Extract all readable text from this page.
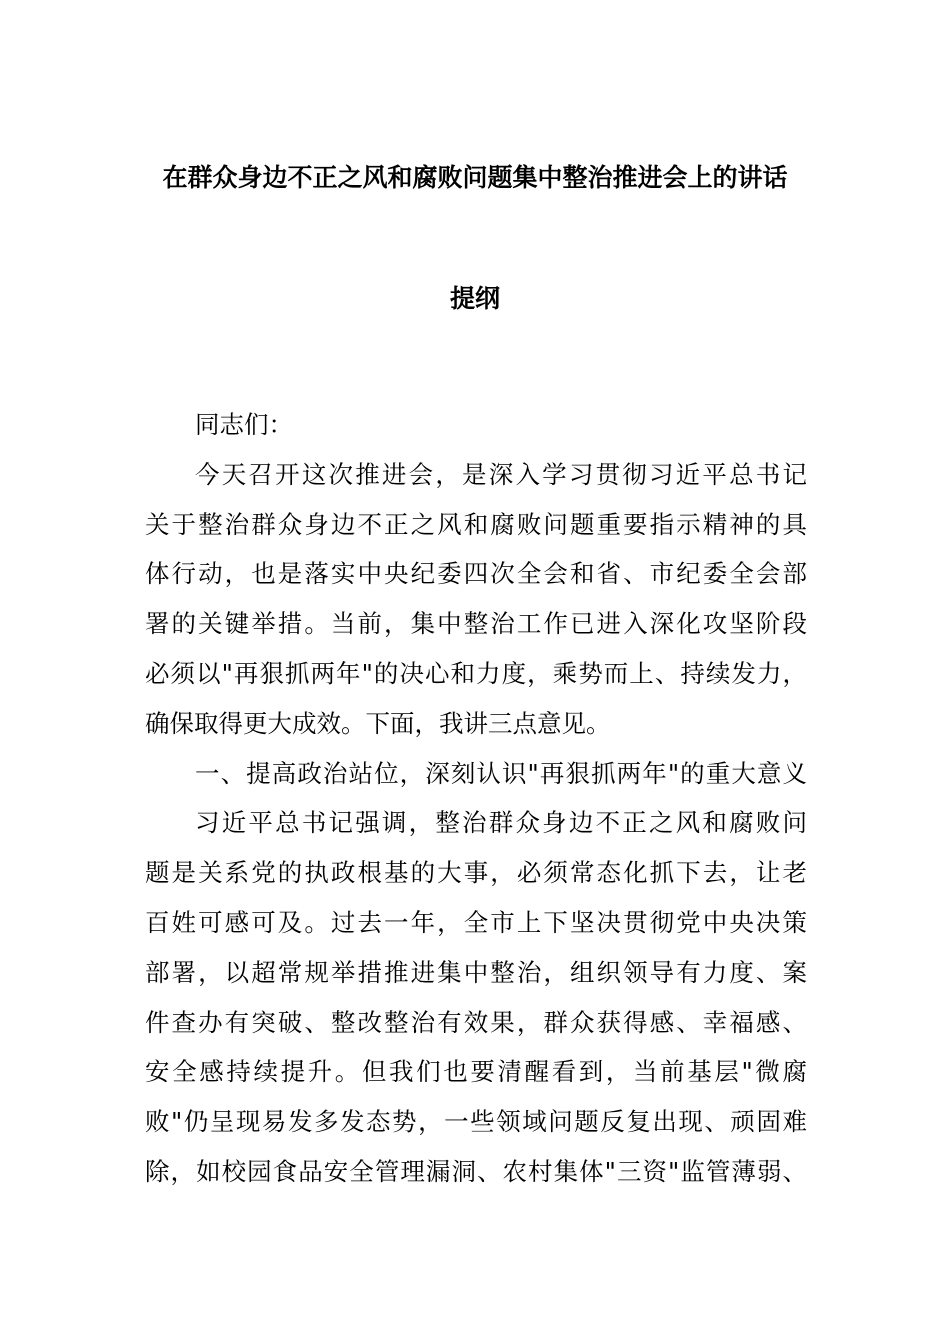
在群众身边不正之风和腐败问题集中整治推进会上的讲话
提纲
同志们：
今天召开这次推进会，是深入学习贯彻习近平总书记
关于整治群众身边不正之风和腐败问题重要指示精神的具
体行动，也是落实中央纪委四次全会和省、市纪委全会部
署的关键举措。当前，集中整治工作已进入深化攻坚阶段
必须以"再狠抓两年"的决心和力度，乘势而上、持续发力，
确保取得更大成效。下面，我讲三点意见。
一、提高政治站位，深刻认识"再狠抓两年"的重大意义
习近平总书记强调，整治群众身边不正之风和腐败问
题是关系党的执政根基的大事，必须常态化抓下去，让老
百姓可感可及。过去一年，全市上下坚决贯彻党中央决策
部署，以超常规举措推进集中整治，组织领导有力度、案
件查办有突破、整改整治有效果，群众获得感、幸福感、
安全感持续提升。但我们也要清醒看到，当前基层"微腐
败"仍呈现易发多发态势，一些领域问题反复出现、顽固难
除，如校园食品安全管理漏洞、农村集体"三资"监管薄弱、
